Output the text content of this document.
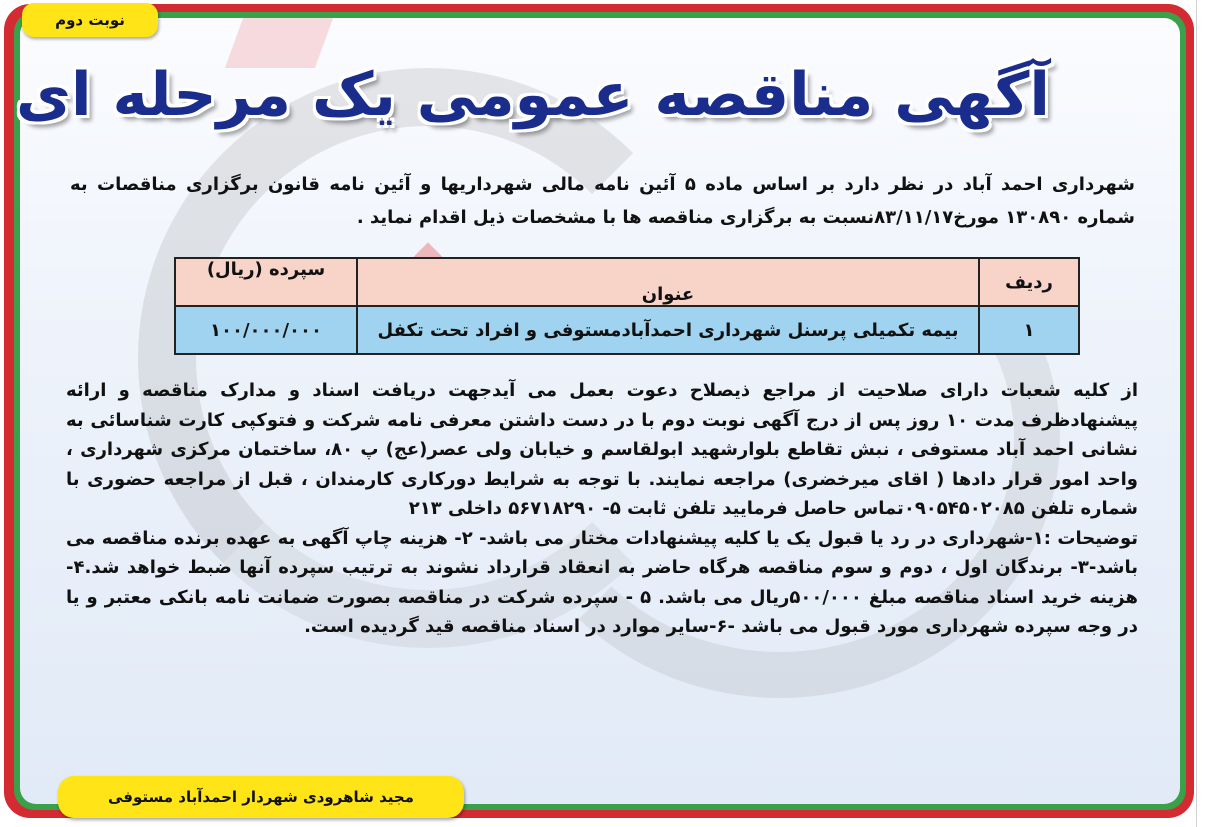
نوبت دوم
آگهی مناقصه عمومی یک مرحله ای
شهرداری احمد آباد در نظر دارد بر اساس ماده ۵ آئین نامه مالی شهرداریها و آئین نامه قانون برگزاری مناقصات به شماره ۱۳۰۸۹۰ مورخ۸۳/۱۱/۱۷نسبت به برگزاری مناقصه ها با مشخصات ذیل اقدام نماید .
ردیف	عنوان	سپرده (ریال)
۱	بیمه تکمیلی پرسنل شهرداری احمدآبادمستوفی و افراد تحت تکفل	۱۰۰/۰۰۰/۰۰۰

از کلیه شعبات دارای صلاحیت از مراجع ذیصلاح دعوت بعمل می آیدجهت دریافت اسناد و مدارک مناقصه و ارائه پیشنهادظرف مدت ۱۰ روز پس از درج آگهی نوبت دوم با در دست داشتن معرفی نامه شرکت و فتوکپی کارت شناسائی به نشانی احمد آباد مستوفی ، نبش تقاطع بلوارشهید ابولقاسم و خیابان ولی عصر(عج) پ ۸۰، ساختمان مرکزی شهرداری ، واحد امور قرار دادها ( اقای میرخضری) مراجعه نمایند. با توجه به شرایط دورکاری کارمندان ، قبل از مراجعه حضوری با شماره تلفن ۰۹۰۵۴۵۰۲۰۸۵تماس حاصل فرمایید تلفن ثابت ۵- ۵۶۷۱۸۲۹۰ داخلی ۲۱۳

توضیحات :۱-شهرداری در رد یا قبول یک یا کلیه پیشنهادات مختار می باشد- ۲- هزینه چاپ آگهی به عهده برنده مناقصه می باشد-۳- برندگان اول ، دوم و سوم مناقصه هرگاه حاضر به انعقاد قرارداد نشوند به ترتیب سپرده آنها ضبط خواهد شد.۴- هزینه خرید اسناد مناقصه مبلغ ۵۰۰/۰۰۰ریال می باشد. ۵ - سپرده شرکت در مناقصه بصورت ضمانت نامه بانکی معتبر و یا در وجه سپرده شهرداری مورد قبول می باشد -۶-سایر موارد در اسناد مناقصه قید گردیده است.

مجید شاهرودی شهردار احمدآباد مستوفی
